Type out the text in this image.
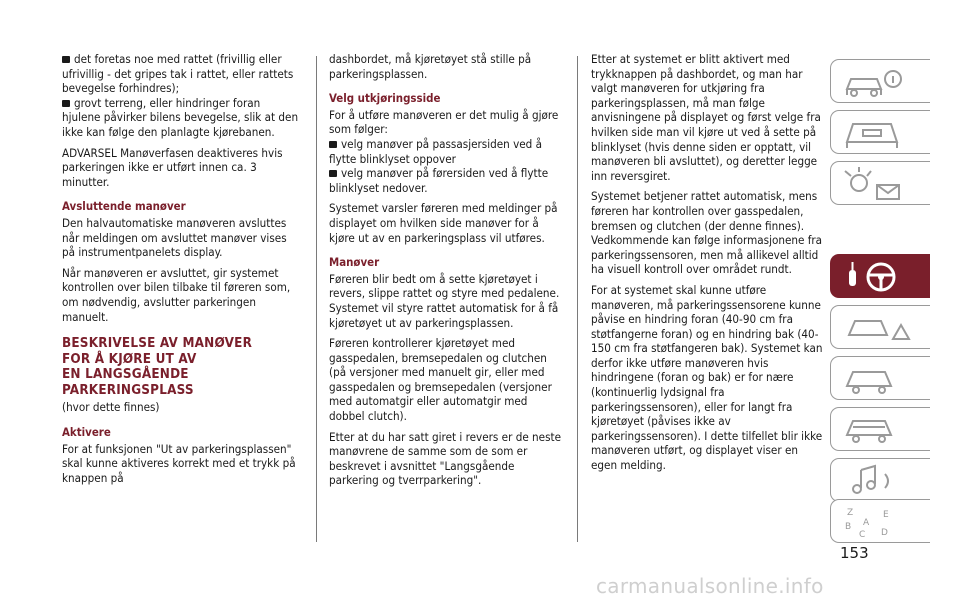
det foretas noe med rattet (frivillig eller ufrivillig - det gripes tak i rattet, eller rattets bevegelse forhindres);

grovt terreng, eller hindringer foran hjulene påvirker bilens bevegelse, slik at den ikke kan følge den planlagte kjørebanen.

ADVARSEL Manøverfasen deaktiveres hvis parkeringen ikke er utført innen ca. 3 minutter.

Avsluttende manøver

Den halvautomatiske manøveren avsluttes når meldingen om avsluttet manøver vises på instrumentpanelets display.

Når manøveren er avsluttet, gir systemet kontrollen over bilen tilbake til føreren som, om nødvendig, avslutter parkeringen manuelt.

BESKRIVELSE AV MANØVER
FOR Å KJØRE UT AV
EN LANGSGÅENDE
PARKERINGSPLASS

(hvor dette finnes)

Aktivere

For at funksjonen "Ut av parkeringsplassen" skal kunne aktiveres korrekt med et trykk på knappen på

dashbordet, må kjøretøyet stå stille på parkeringsplassen.

Velg utkjøringsside

For å utføre manøveren er det mulig å gjøre som følger:

velg manøver på passasjersiden ved å flytte blinklyset oppover

velg manøver på førersiden ved å flytte blinklyset nedover.

Systemet varsler føreren med meldinger på displayet om hvilken side manøver for å kjøre ut av en parkeringsplass vil utføres.

Manøver

Føreren blir bedt om å sette kjøretøyet i revers, slippe rattet og styre med pedalene. Systemet vil styre rattet automatisk for å få kjøretøyet ut av parkeringsplassen.

Føreren kontrollerer kjøretøyet med gasspedalen, bremsepedalen og clutchen (på versjoner med manuelt gir, eller med gasspedalen og bremsepedalen (versjoner med automatgir eller automatgir med dobbel clutch).

Etter at du har satt giret i revers er de neste manøvrene de samme som de som er beskrevet i avsnittet "Langsgående parkering og tverrparkering".

Etter at systemet er blitt aktivert med trykknappen på dashbordet, og man har valgt manøveren for utkjøring fra parkeringsplassen, må man følge anvisningene på displayet og først velge fra hvilken side man vil kjøre ut ved å sette på blinklyset (hvis denne siden er opptatt, vil manøveren bli avsluttet), og deretter legge inn reversgiret.

Systemet betjener rattet automatisk, mens føreren har kontrollen over gasspedalen, bremsen og clutchen (der denne finnes). Vedkommende kan følge informasjonene fra parkeringssensoren, men må allikevel alltid ha visuell kontroll over området rundt.

For at systemet skal kunne utføre manøveren, må parkeringssensorene kunne påvise en hindring foran (40-90 cm fra støtfangerne foran) og en hindring bak (40-150 cm fra støtfangeren bak). Systemet kan derfor ikke utføre manøveren hvis hindringene (foran og bak) er for nære (kontinuerlig lydsignal fra parkeringssensoren), eller for langt fra kjøretøyet (påvises ikke av parkeringssensoren). I dette tilfellet blir ikke manøveren utført, og displayet viser en egen melding.

Z	E
B A
C D
153
carmanualsonline.info
